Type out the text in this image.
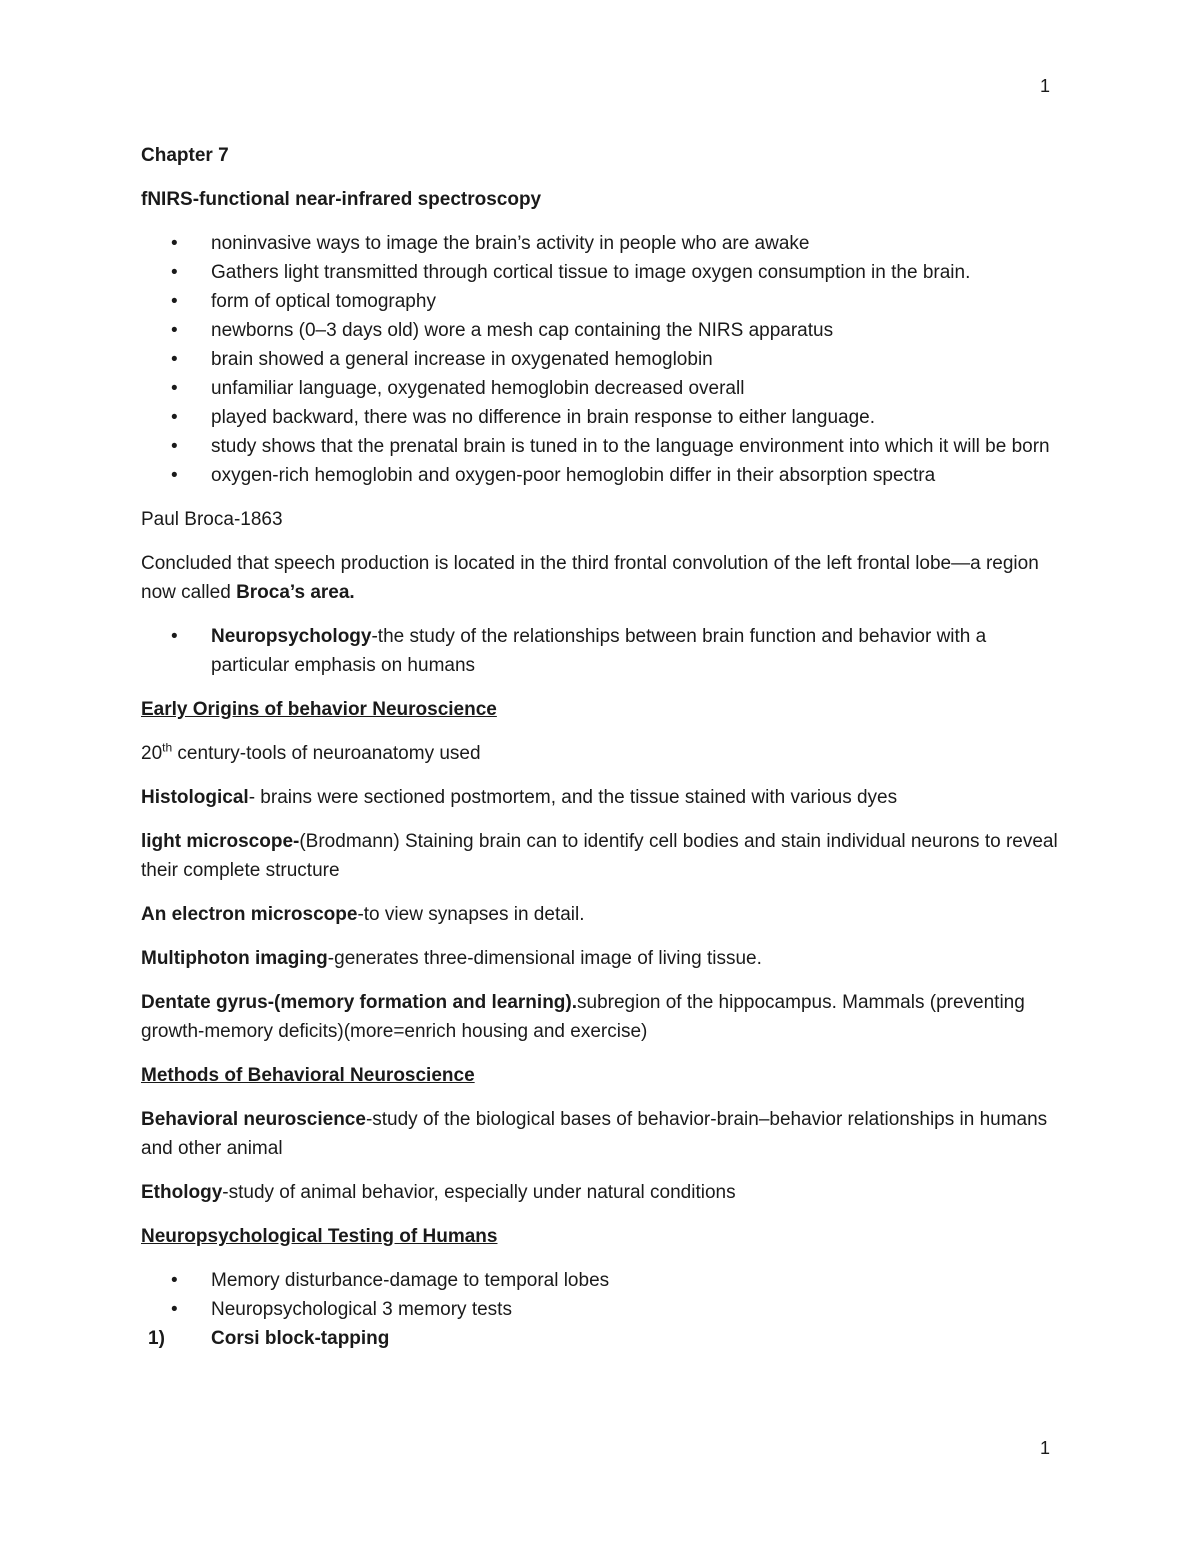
1

Chapter 7

fNIRS-functional near-infrared spectroscopy

• noninvasive ways to image the brain’s activity in people who are awake
• Gathers light transmitted through cortical tissue to image oxygen consumption in the brain.
• form of optical tomography
• newborns (0–3 days old) wore a mesh cap containing the NIRS apparatus
• brain showed a general increase in oxygenated hemoglobin
• unfamiliar language, oxygenated hemoglobin decreased overall
• played backward, there was no difference in brain response to either language.
• study shows that the prenatal brain is tuned in to the language environment into which it will be born
• oxygen-rich hemoglobin and oxygen-poor hemoglobin differ in their absorption spectra

Paul Broca-1863

Concluded that speech production is located in the third frontal convolution of the left frontal lobe—a region now called Broca’s area.

• Neuropsychology-the study of the relationships between brain function and behavior with a particular emphasis on humans

Early Origins of behavior Neuroscience

20th century-tools of neuroanatomy used

Histological- brains were sectioned postmortem, and the tissue stained with various dyes

light microscope-(Brodmann) Staining brain can to identify cell bodies and stain individual neurons to reveal their complete structure

An electron microscope-to view synapses in detail.

Multiphoton imaging-generates three-dimensional image of living tissue.

Dentate gyrus-(memory formation and learning).subregion of the hippocampus. Mammals (preventing growth-memory deficits)(more=enrich housing and exercise)

Methods of Behavioral Neuroscience

Behavioral neuroscience-study of the biological bases of behavior-brain–behavior relationships in humans and other animal

Ethology-study of animal behavior, especially under natural conditions

Neuropsychological Testing of Humans

• Memory disturbance-damage to temporal lobes
• Neuropsychological 3 memory tests
1) Corsi block-tapping
1
